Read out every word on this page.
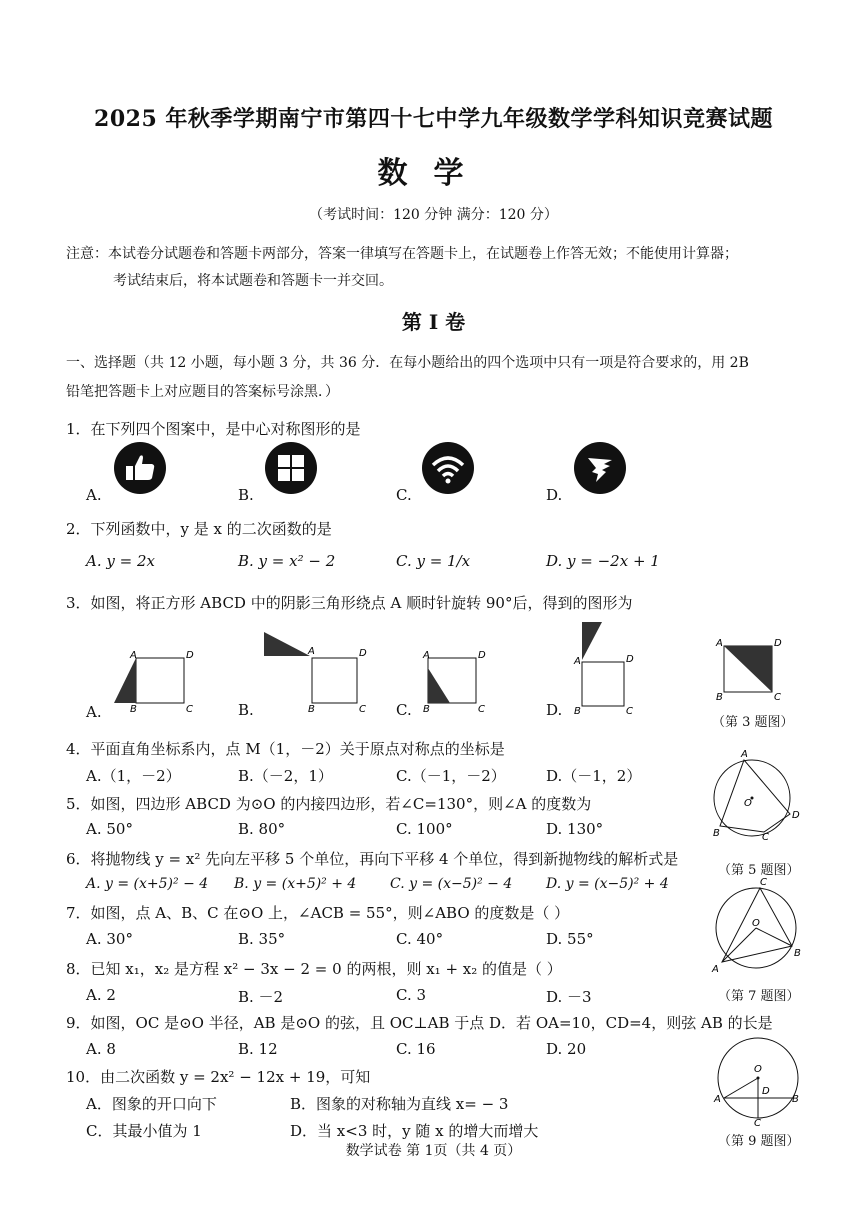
2025 年秋季学期南宁市第四十七中学九年级数学学科知识竞赛试题
数学
（考试时间：120 分钟 满分：120 分）
注意：本试卷分试题卷和答题卡两部分，答案一律填写在答题卡上，在试题卷上作答无效；不能使用计算器；
考试结束后，将本试题卷和答题卡一并交回。
第 Ⅰ 卷
一、选择题（共 12 小题，每小题 3 分，共 36 分．在每小题给出的四个选项中只有一项是符合要求的，用 2B
铅笔把答题卡上对应题目的答案标号涂黑．）
1．在下列四个图案中，是中心对称图形的是
A.	B.	C.	D.
2．下列函数中，y 是 x 的二次函数的是
A. y = 2x	B. y = x² − 2	C. y = 1/x	D. y = −2x + 1
3．如图，将正方形 ABCD 中的阴影三角形绕点 A 顺时针旋转 90°后，得到的图形为
A.	B.	C.	D.
A	D
B	C
A	D
B	C
A	D
B	C
A	D
B	C
A	D
B	C
（第 3 题图）
4．平面直角坐标系内，点 M（1，－2）关于原点对称点的坐标是
A.（1，－2）	B.（－2，1）	C.（－1，－2）	D.（－1，2）
A
B	C
D
O
（第 5 题图）
5．如图，四边形 ABCD 为⊙O 的内接四边形，若∠C=130°，则∠A 的度数为
A. 50°	B. 80°	C. 100°	D. 130°
6．将抛物线 y = x² 先向左平移 5 个单位，再向下平移 4 个单位，得到新抛物线的解析式是
A. y = (x+5)² − 4 B. y = (x+5)² + 4 C. y = (x−5)² − 4 D. y = (x−5)² + 4
7．如图，点 A、B、C 在⊙O 上，∠ACB = 55°，则∠ABO 的度数是（ ）
A. 30°	B. 35°	C. 40°	D. 55°
C
A
B
O
（第 7 题图）
8．已知 x₁，x₂ 是方程 x² − 3x − 2 = 0 的两根，则 x₁ + x₂ 的值是（ ）
A. 2	B. －2	C. 3	D. －3
9．如图，OC 是⊙O 半径，AB 是⊙O 的弦，且 OC⊥AB 于点 D．若 OA=10，CD=4，则弦 AB 的长是
A. 8	B. 12	C. 16	D. 20
O
D
A	B
C
（第 9 题图）
10．由二次函数 y = 2x² − 12x + 19，可知
A．图象的开口向下	B．图象的对称轴为直线 x= − 3
C．其最小值为 1	D．当 x<3 时，y 随 x 的增大而增大
数学试卷 第 1页（共 4 页）
